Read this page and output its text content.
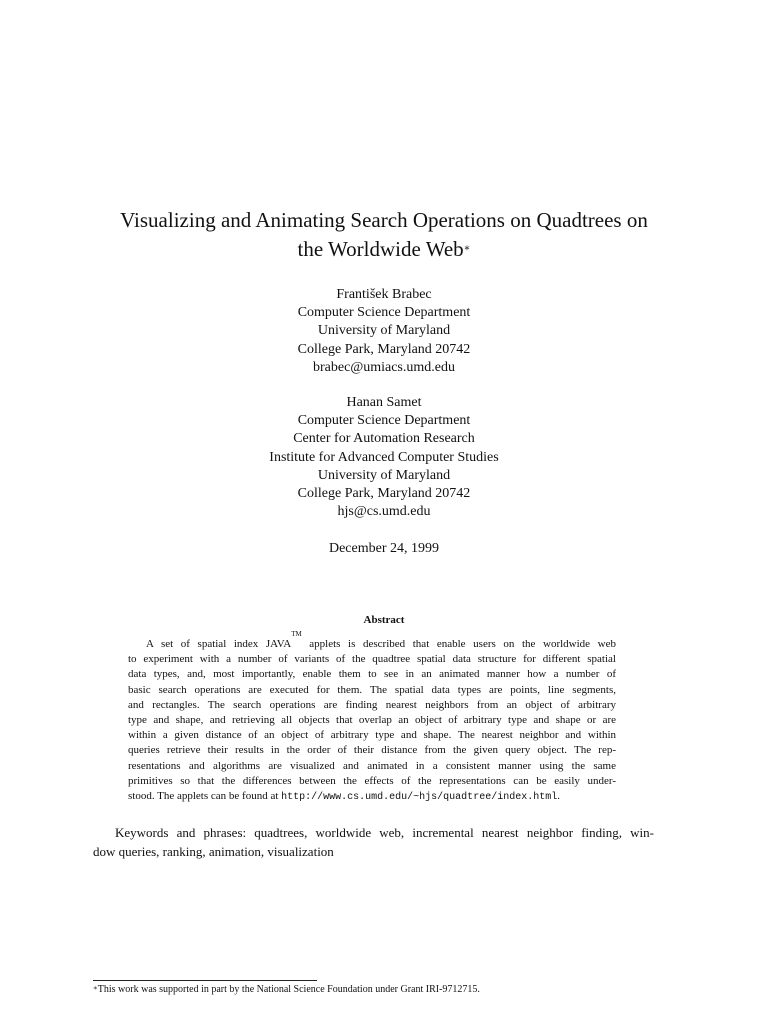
Visualizing and Animating Search Operations on Quadtrees on
the Worldwide Web∗
František Brabec
Computer Science Department
University of Maryland
College Park, Maryland 20742
brabec@umiacs.umd.edu
Hanan Samet
Computer Science Department
Center for Automation Research
Institute for Advanced Computer Studies
University of Maryland
College Park, Maryland 20742
hjs@cs.umd.edu
December 24, 1999
Abstract
A set of spatial index JAVA™ applets is described that enable users on the worldwide web
to experiment with a number of variants of the quadtree spatial data structure for different spatial
data types, and, most importantly, enable them to see in an animated manner how a number of
basic search operations are executed for them. The spatial data types are points, line segments,
and rectangles. The search operations are finding nearest neighbors from an object of arbitrary
type and shape, and retrieving all objects that overlap an object of arbitrary type and shape or are
within a given distance of an object of arbitrary type and shape. The nearest neighbor and within
queries retrieve their results in the order of their distance from the given query object. The rep-
resentations and algorithms are visualized and animated in a consistent manner using the same
primitives so that the differences between the effects of the representations can be easily under-
stood. The applets can be found at http://www.cs.umd.edu/~hjs/quadtree/index.html.
Keywords and phrases: quadtrees, worldwide web, incremental nearest neighbor finding, win-
dow queries, ranking, animation, visualization
∗This work was supported in part by the National Science Foundation under Grant IRI-9712715.
